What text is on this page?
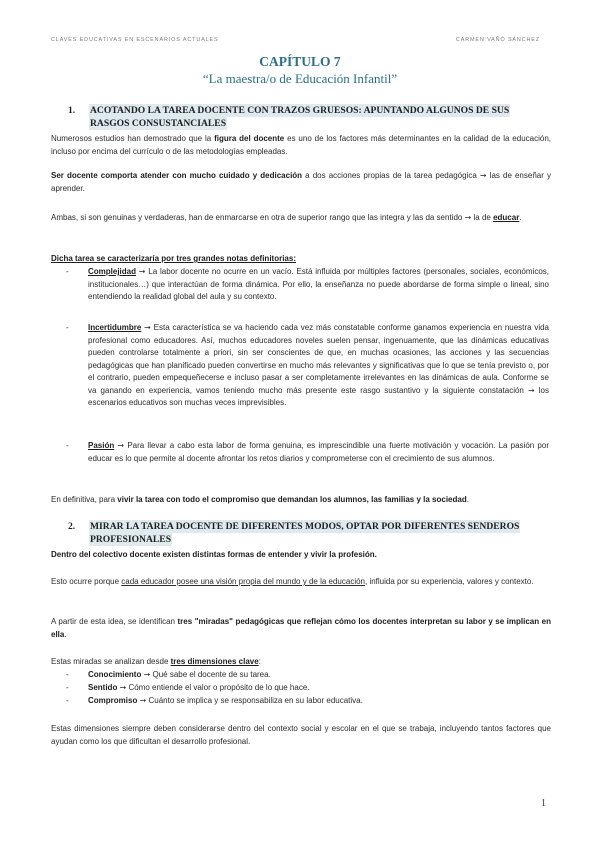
CLAVES EDUCATIVAS EN ESCENARIOS ACTUALES	CARMEN VAÑÓ SÁNCHEZ
CAPÍTULO 7
“La maestra/o de Educación Infantil”
1. ACOTANDO LA TAREA DOCENTE CON TRAZOS GRUESOS: APUNTANDO ALGUNOS DE SUS
RASGOS CONSUSTANCIALES
Numerosos estudios han demostrado que la figura del docente es uno de los factores más determinantes en la calidad de la educación, incluso por encima del currículo o de las metodologías empleadas.
Ser docente comporta atender con mucho cuidado y dedicación a dos acciones propias de la tarea pedagógica ➞ las de enseñar y aprender.
Ambas, si son genuinas y verdaderas, han de enmarcarse en otra de superior rango que las integra y las da sentido ➞ la de educar.
Dicha tarea se caracterizaría por tres grandes notas definitorias:
- Complejidad ➞ La labor docente no ocurre en un vacío. Está influida por múltiples factores (personales, sociales, económicos, institucionales…) que interactúan de forma dinámica. Por ello, la enseñanza no puede abordarse de forma simple o lineal, sino entendiendo la realidad global del aula y su contexto.
- Incertidumbre ➞ Esta característica se va haciendo cada vez más constatable conforme ganamos experiencia en nuestra vida profesional como educadores. Así, muchos educadores noveles suelen pensar, ingenuamente, que las dinámicas educativas pueden controlarse totalmente a priori, sin ser conscientes de que, en muchas ocasiones, las acciones y las secuencias pedagógicas que han planificado pueden convertirse en mucho más relevantes y significativas que lo que se tenía previsto o, por el contrario, pueden empequeñecerse e incluso pasar a ser completamente irrelevantes en las dinámicas de aula. Conforme se va ganando en experiencia, vamos teniendo mucho más presente este rasgo sustantivo y la siguiente constatación ➞ los escenarios educativos son muchas veces imprevisibles.
- Pasión ➞ Para llevar a cabo esta labor de forma genuina, es imprescindible una fuerte motivación y vocación. La pasión por educar es lo que permite al docente afrontar los retos diarios y comprometerse con el crecimiento de sus alumnos.
En definitiva, para vivir la tarea con todo el compromiso que demandan los alumnos, las familias y la sociedad.
2. MIRAR LA TAREA DOCENTE DE DIFERENTES MODOS, OPTAR POR DIFERENTES SENDEROS
PROFESIONALES
Dentro del colectivo docente existen distintas formas de entender y vivir la profesión.
Esto ocurre porque cada educador posee una visión propia del mundo y de la educación, influida por su experiencia, valores y contexto.
A partir de esta idea, se identifican tres "miradas" pedagógicas que reflejan cómo los docentes interpretan su labor y se implican en ella.
Estas miradas se analizan desde tres dimensiones clave:
- Conocimiento ➞ Qué sabe el docente de su tarea.
- Sentido ➞ Cómo entiende el valor o propósito de lo que hace.
- Compromiso ➞ Cuánto se implica y se responsabiliza en su labor educativa.
Estas dimensiones siempre deben considerarse dentro del contexto social y escolar en el que se trabaja, incluyendo tantos factores que ayudan como los que dificultan el desarrollo profesional.
1
